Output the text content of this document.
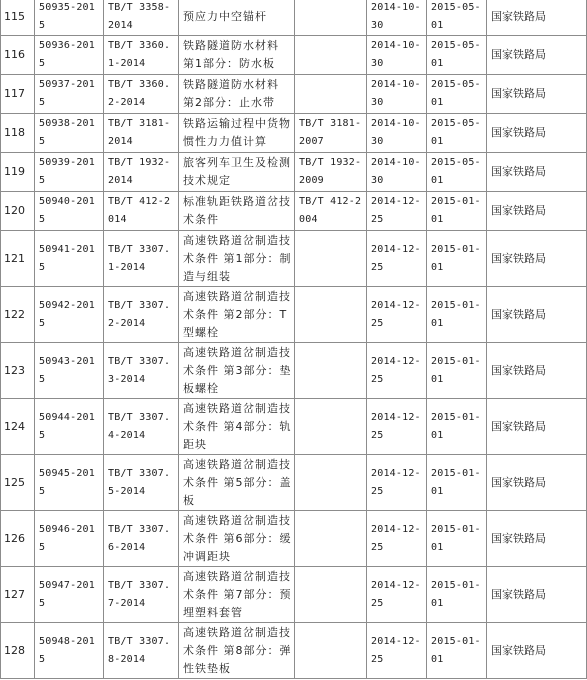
115	50935-2015	TB/T 3358-2014	预应力中空锚杆		2014-10-30	2015-05-01	国家铁路局
116	50936-2015	TB/T 3360.1-2014	铁路隧道防水材料 第1部分：防水板		2014-10-30	2015-05-01	国家铁路局
117	50937-2015	TB/T 3360.2-2014	铁路隧道防水材料 第2部分：止水带		2014-10-30	2015-05-01	国家铁路局
118	50938-2015	TB/T 3181-2014	铁路运输过程中货物惯性力力值计算	TB/T 3181-2007	2014-10-30	2015-05-01	国家铁路局
119	50939-2015	TB/T 1932-2014	旅客列车卫生及检测技术规定	TB/T 1932-2009	2014-10-30	2015-05-01	国家铁路局
120	50940-2015	TB/T 412-2014	标准轨距铁路道岔技术条件	TB/T 412-2004	2014-12-25	2015-01-01	国家铁路局
121	50941-2015	TB/T 3307.1-2014	高速铁路道岔制造技术条件 第1部分：制造与组装		2014-12-25	2015-01-01	国家铁路局
122	50942-2015	TB/T 3307.2-2014	高速铁路道岔制造技术条件 第2部分：T型螺栓		2014-12-25	2015-01-01	国家铁路局
123	50943-2015	TB/T 3307.3-2014	高速铁路道岔制造技术条件 第3部分：垫板螺栓		2014-12-25	2015-01-01	国家铁路局
124	50944-2015	TB/T 3307.4-2014	高速铁路道岔制造技术条件 第4部分：轨距块		2014-12-25	2015-01-01	国家铁路局
125	50945-2015	TB/T 3307.5-2014	高速铁路道岔制造技术条件 第5部分：盖板		2014-12-25	2015-01-01	国家铁路局
126	50946-2015	TB/T 3307.6-2014	高速铁路道岔制造技术条件 第6部分：缓冲调距块		2014-12-25	2015-01-01	国家铁路局
127	50947-2015	TB/T 3307.7-2014	高速铁路道岔制造技术条件 第7部分：预埋塑料套管		2014-12-25	2015-01-01	国家铁路局
128	50948-2015	TB/T 3307.8-2014	高速铁路道岔制造技术条件 第8部分：弹性铁垫板		2014-12-25	2015-01-01	国家铁路局
